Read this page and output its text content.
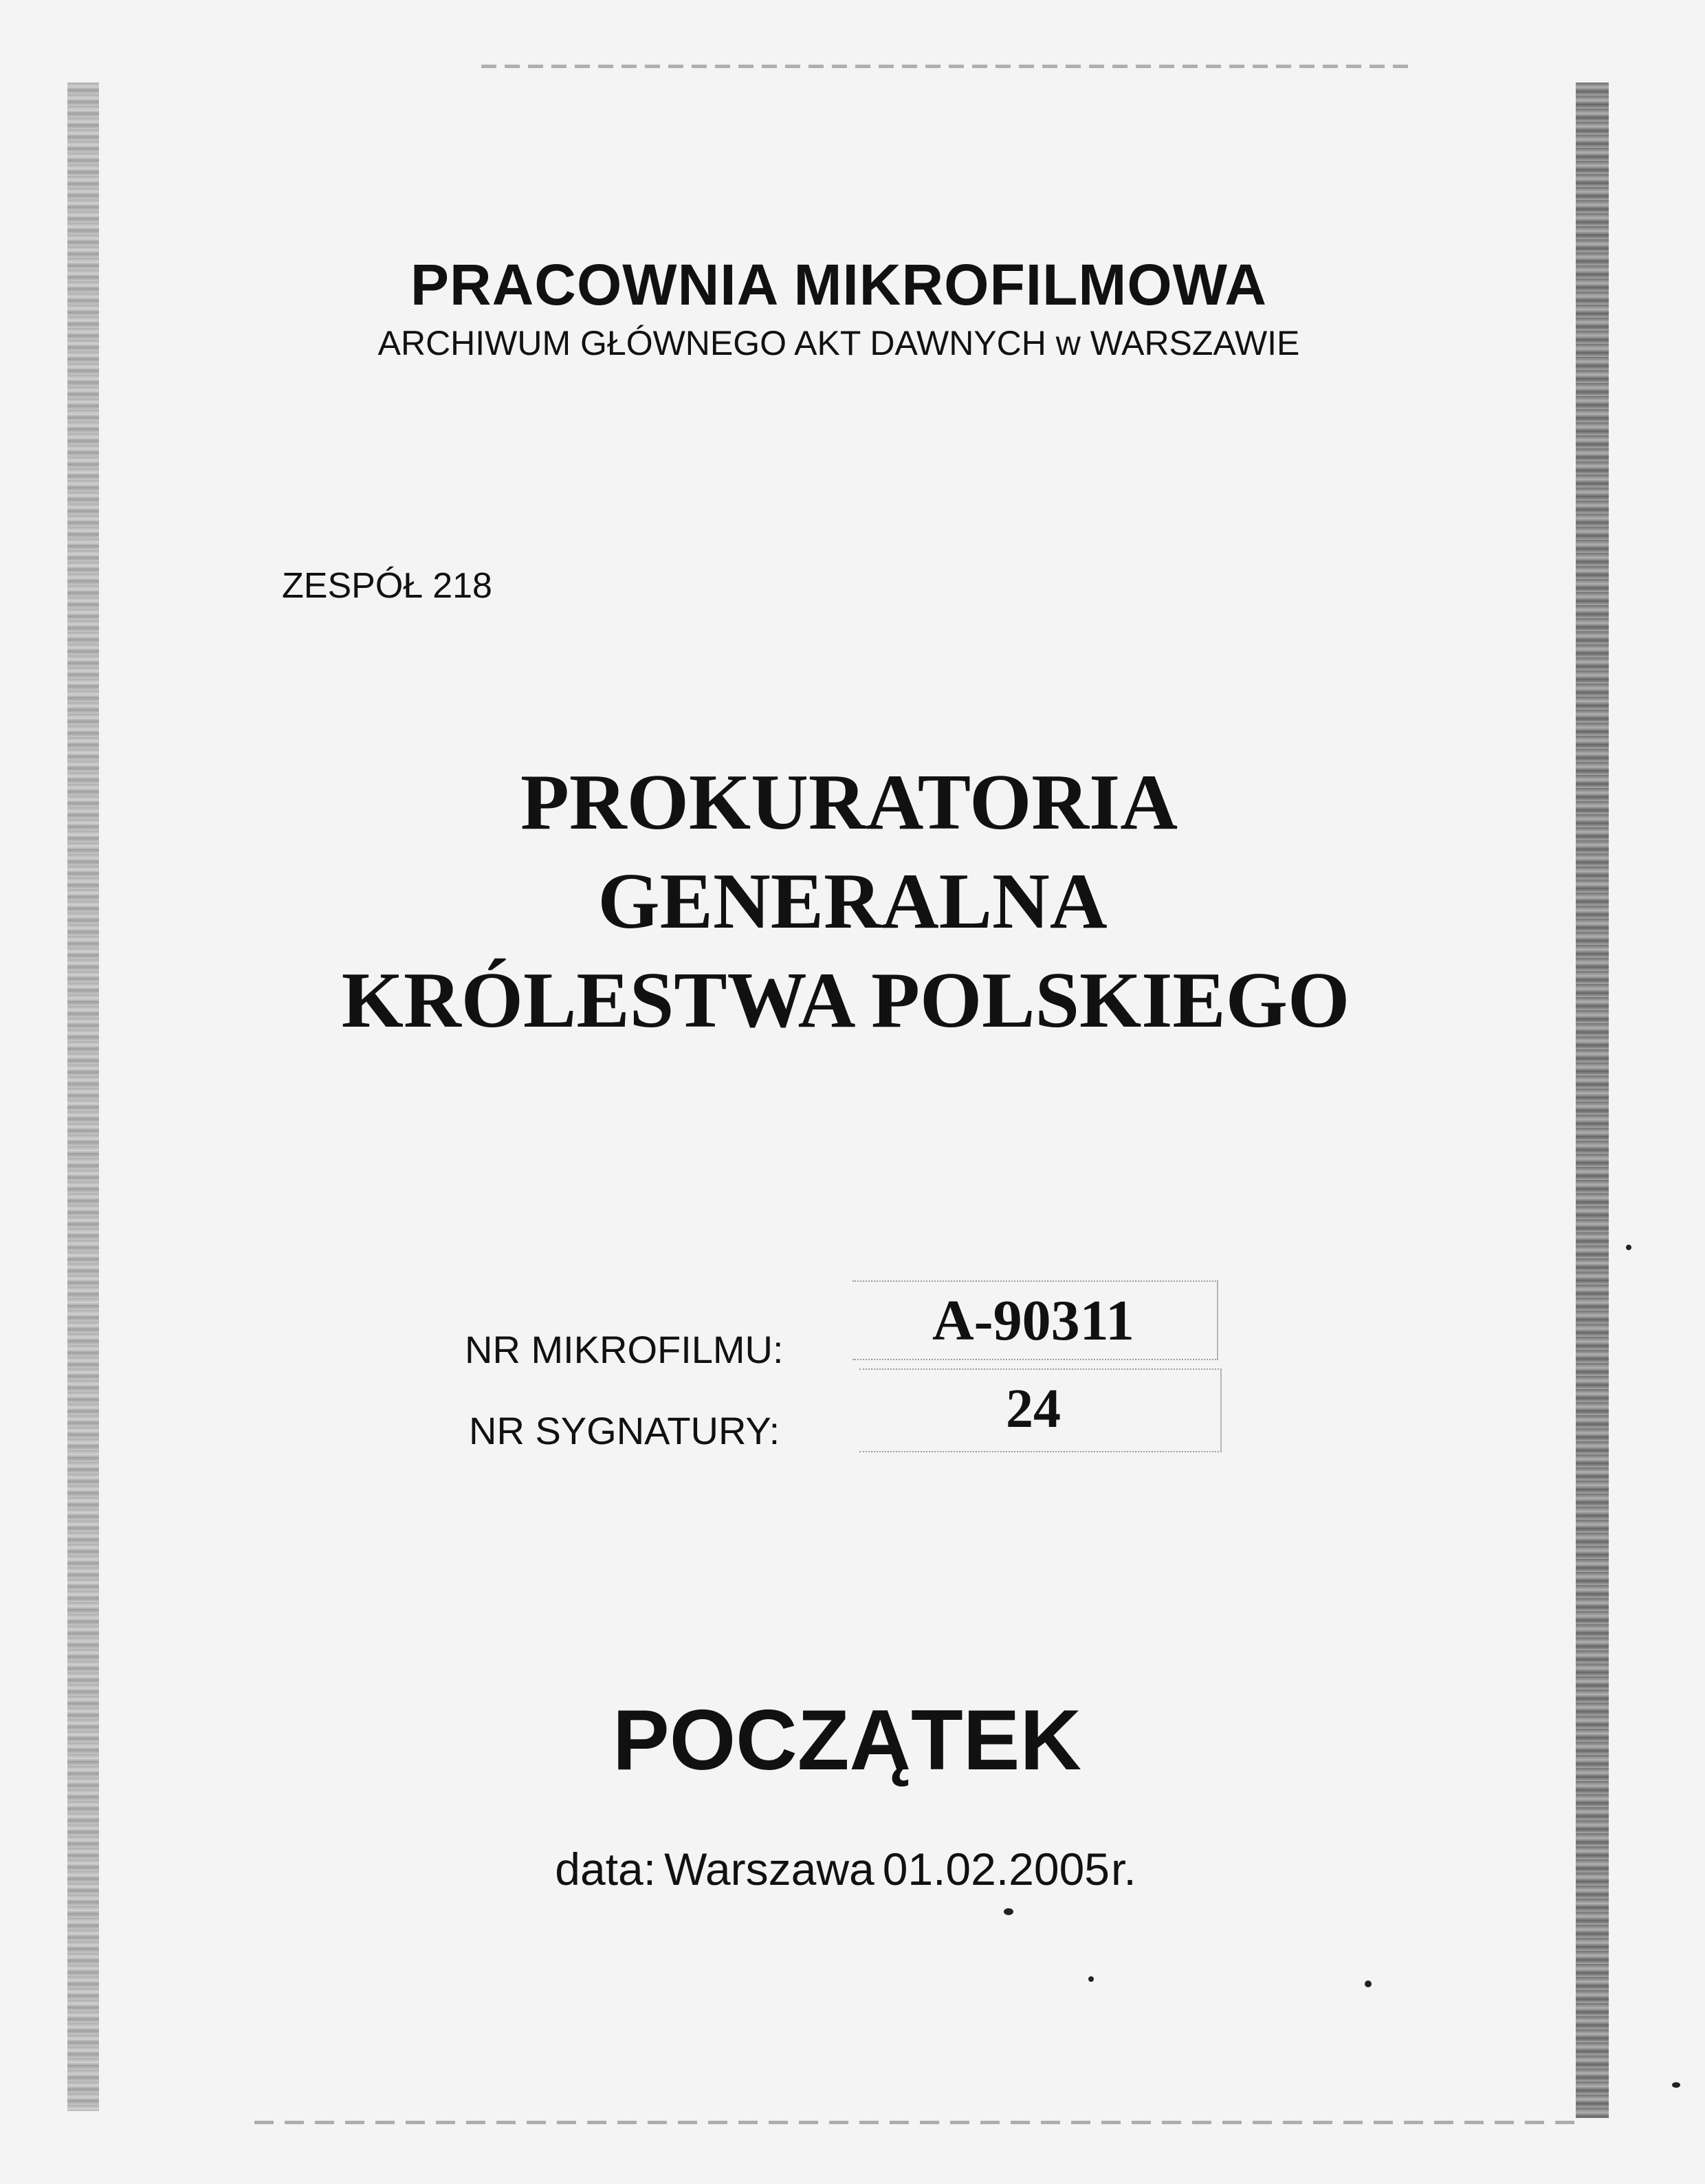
PRACOWNIA MIKROFILMOWA

ARCHIWUM GŁÓWNEGO AKT DAWNYCH w WARSZAWIE

ZESPÓŁ 218

PROKURATORIA
GENERALNA
KRÓLESTWA POLSKIEGO

NR MIKROFILMU:	A-90311

NR SYGNATURY:	24

POCZĄTEK

data: Warszawa 01.02.2005r.
